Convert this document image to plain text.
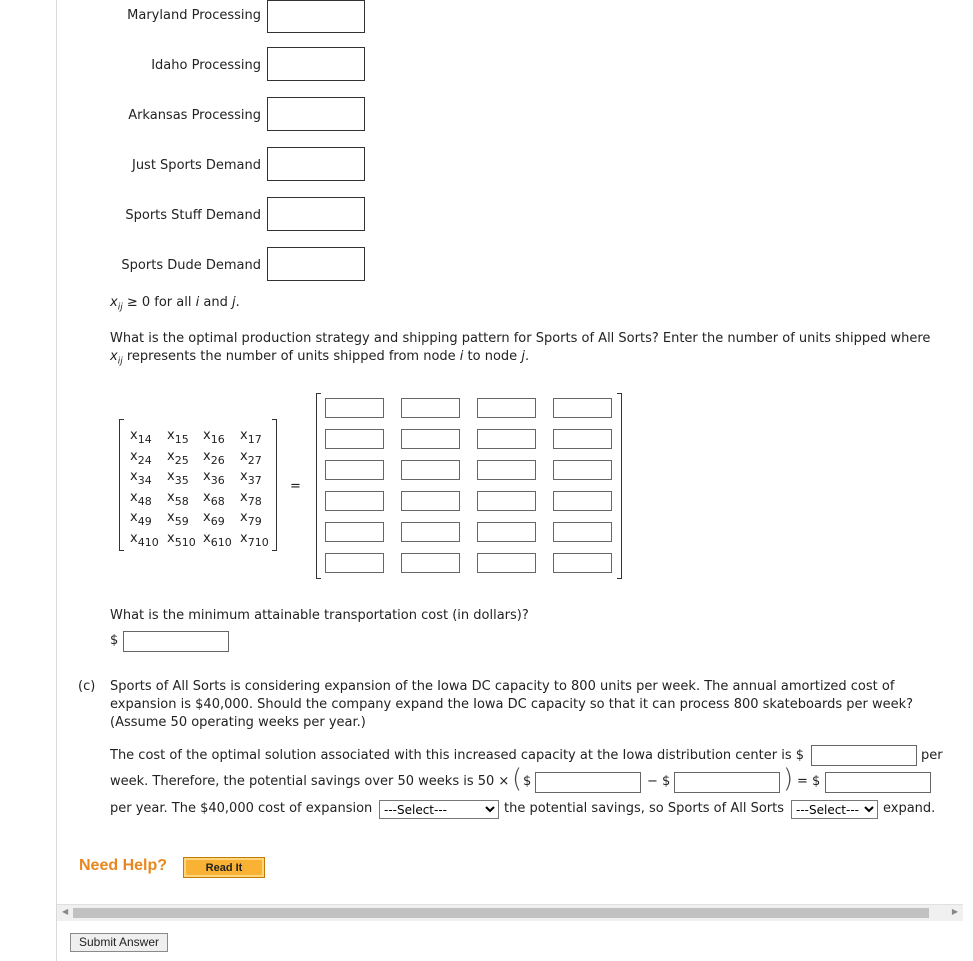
Maryland Processing
Idaho Processing
Arkansas Processing
Just Sports Demand
Sports Stuff Demand
Sports Dude Demand
$x_{ij} \ge 0$ for all i and j.
What is the optimal production strategy and shipping pattern for Sports of All Sorts? Enter the number of units shipped where
$x_{ij}$ represents the number of units shipped from node i to node j.
$x_{14}$	$x_{15}$	$x_{16}$	$x_{17}$
$x_{24}$	$x_{25}$	$x_{26}$	$x_{27}$
$x_{34}$	$x_{35}$	$x_{36}$	$x_{37}$
$x_{48}$	$x_{58}$	$x_{68}$	$x_{78}$
$x_{49}$	$x_{59}$	$x_{69}$	$x_{79}$
$x_{410}$ $x_{510}$ $x_{610}$ $x_{710}$
=
What is the minimum attainable transportation cost (in dollars)?
$
(c) Sports of All Sorts is considering expansion of the Iowa DC capacity to 800 units per week. The annual amortized cost of
expansion is $40,000. Should the company expand the Iowa DC capacity so that it can process 800 skateboards per week?
(Assume 50 operating weeks per year.)
The cost of the optimal solution associated with this increased capacity at the Iowa distribution center is $	per
week. Therefore, the potential savings over 50 weeks is 50 × ( $	− $	) = $
per year. The $40,000 cost of expansion
---Select---	the potential savings, so Sports of All Sorts
---Select---	expand.
Need Help?	Read It
◀	▶
Submit Answer
